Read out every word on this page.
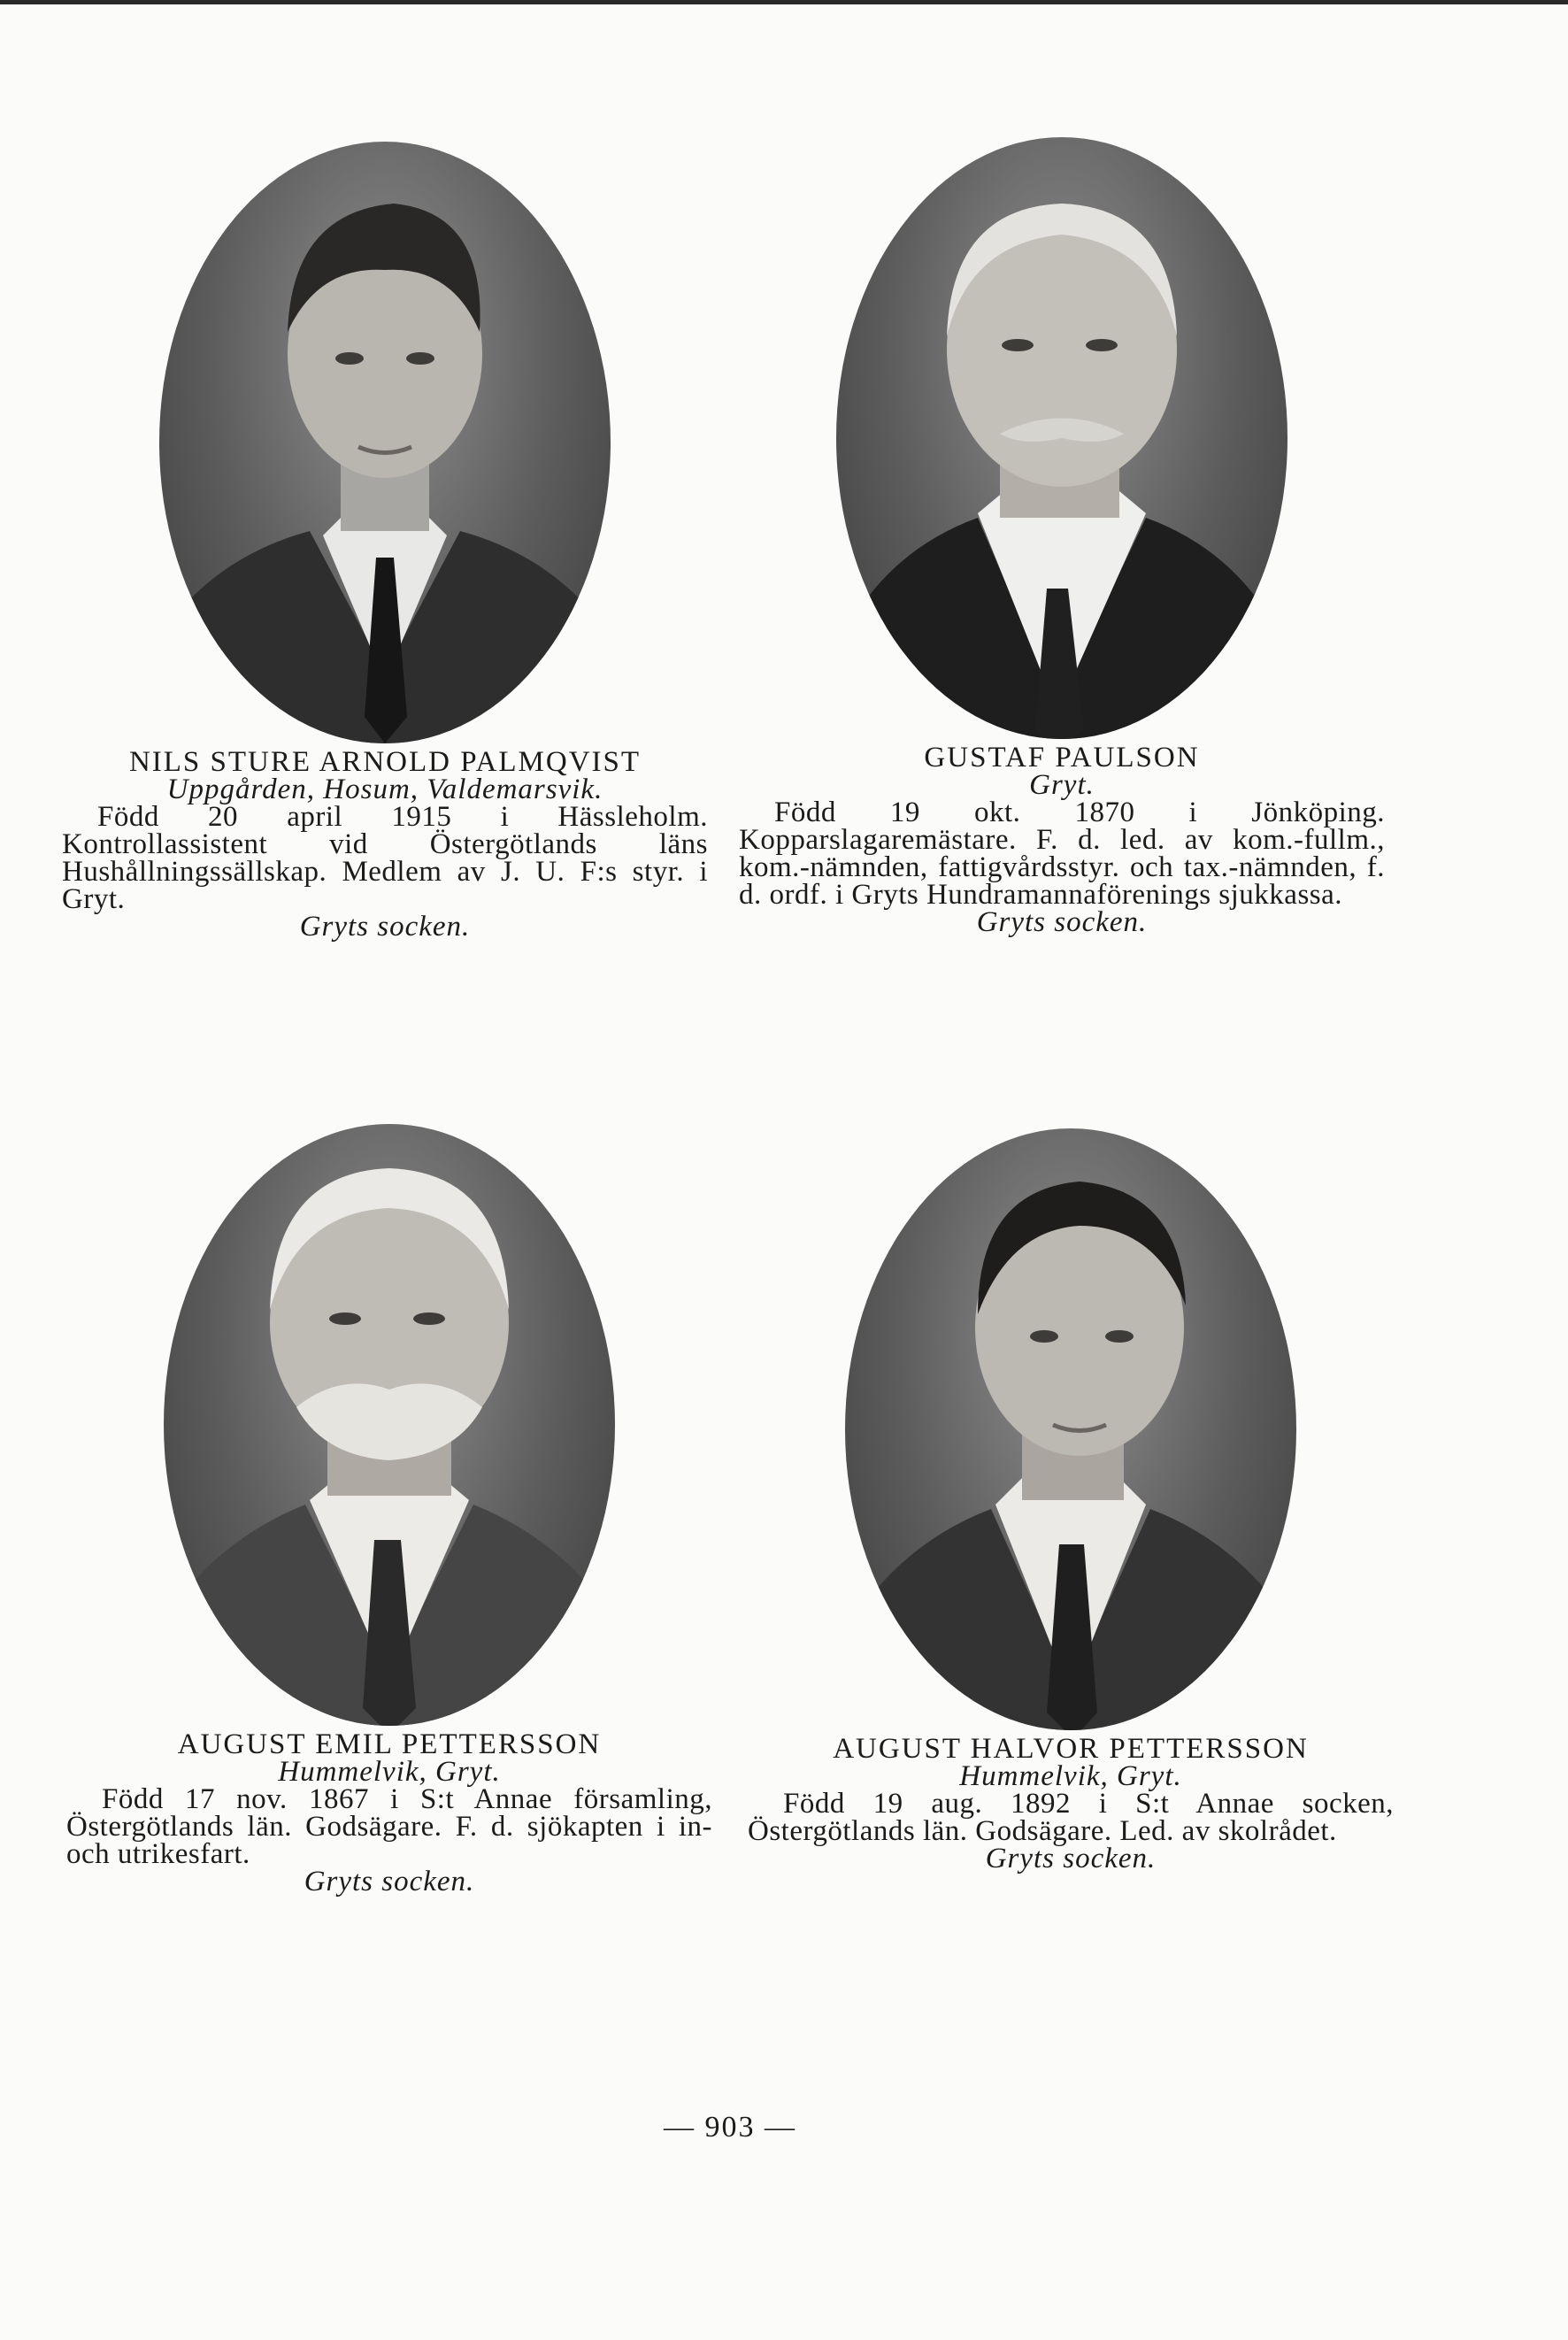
NILS STURE ARNOLD PALMQVIST
Uppgården, Hosum, Valdemarsvik.
Född 20 april 1915 i Hässleholm. Kontrollassistent vid Östergötlands läns Hushållningssällskap. Medlem av J. U. F:s styr. i Gryt.
Gryts socken.
GUSTAF PAULSON
Gryt.
Född 19 okt. 1870 i Jönköping. Kopparslagaremästare. F. d. led. av kom.-fullm., kom.-nämnden, fattigvårdsstyr. och tax.-nämnden, f. d. ordf. i Gryts Hundramannaförenings sjukkassa.
Gryts socken.
AUGUST EMIL PETTERSSON
Hummelvik, Gryt.
Född 17 nov. 1867 i S:t Annae församling, Östergötlands län. Godsägare. F. d. sjökapten i in- och utrikesfart.
Gryts socken.
AUGUST HALVOR PETTERSSON
Hummelvik, Gryt.
Född 19 aug. 1892 i S:t Annae socken, Östergötlands län. Godsägare. Led. av skolrådet.
Gryts socken.
— 903 —
